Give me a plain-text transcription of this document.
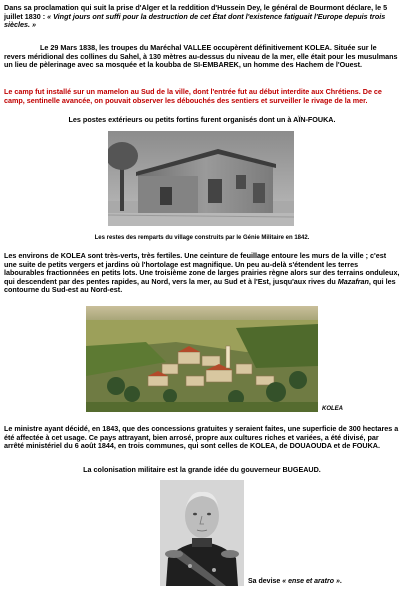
Dans sa proclamation qui suit la prise d'Alger et la reddition d'Hussein Dey, le général de Bourmont déclare, le 5 juillet 1830 : « Vingt jours ont suffi pour la destruction de cet État dont l'existence fatiguait l'Europe depuis trois siècles. »

Le 29 Mars 1838, les troupes du Maréchal VALLEE occupèrent définitivement KOLEA. Située sur le revers méridional des collines du Sahel, à 130 mètres au-dessus du niveau de la mer, elle était pour les musulmans un lieu de pèlerinage avec sa mosquée et la koubba de SI-EMBAREK, un homme des Hachem de l'Ouest.

Le camp fut installé sur un mamelon au Sud de la ville, dont l'entrée fut au début interdite aux Chrétiens. De ce camp, sentinelle avancée, on pouvait observer les débouchés des sentiers et surveiller le rivage de la mer.

Les postes extérieurs ou petits fortins furent organisés dont un à AÏN-FOUKA.

Les restes des remparts du village construits par le Génie Militaire en 1842.

Les environs de KOLEA sont très-verts, très fertiles. Une ceinture de feuillage entoure les murs de la ville ; c'est une suite de petits vergers et jardins où l'hortolage est magnifique. Un peu au-delà s'étendent les terres labourables fractionnées en petits lots. Une troisième zone de larges prairies règne alors sur des terrains onduleux, qui descendent par des pentes rapides, au Nord, vers la mer, au Sud et à l'Est, jusqu'aux rives du Mazafran, qui les contourne du Sud-est au Nord-est.

KOLEA

Le ministre ayant décidé, en 1843, que des concessions gratuites y seraient faites, une superficie de 300 hectares a été affectée à cet usage. Ce pays attrayant, bien arrosé, propre aux cultures riches et variées, a été divisé, par arrêté ministériel du 6 août 1844, en trois communes, qui sont celles de KOLEA, de DOUAOUDA et de FOUKA.

La colonisation militaire est la grande idée du gouverneur BUGEAUD.

Sa devise « ense et aratro ».
